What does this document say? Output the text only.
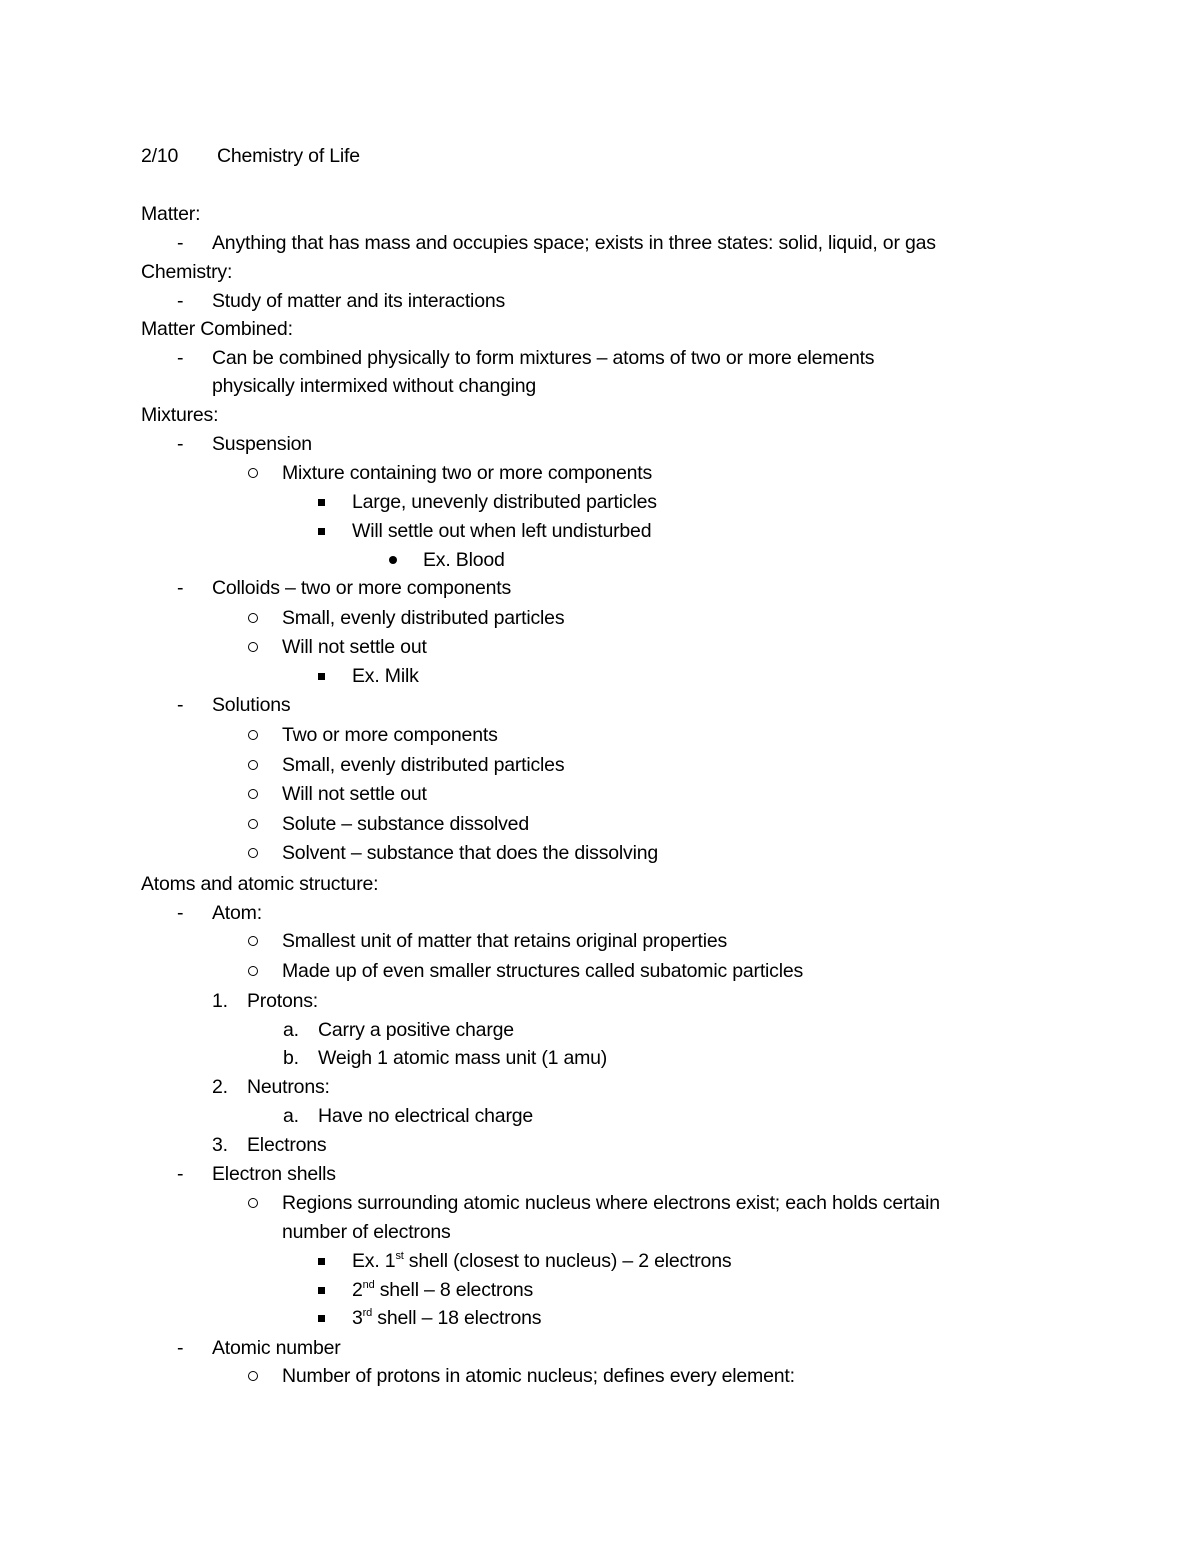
2/10 Chemistry of Life
Matter:
- Anything that has mass and occupies space; exists in three states: solid, liquid, or gas
Chemistry:
- Study of matter and its interactions
Matter Combined:
- Can be combined physically to form mixtures – atoms of two or more elements
physically intermixed without changing
Mixtures:
- Suspension
Mixture containing two or more components
Large, unevenly distributed particles
Will settle out when left undisturbed
Ex. Blood
- Colloids – two or more components
Small, evenly distributed particles
Will not settle out
Ex. Milk
- Solutions
Two or more components
Small, evenly distributed particles
Will not settle out
Solute – substance dissolved
Solvent – substance that does the dissolving
Atoms and atomic structure:
- Atom:
Smallest unit of matter that retains original properties
Made up of even smaller structures called subatomic particles
1. Protons:
a. Carry a positive charge
b. Weigh 1 atomic mass unit (1 amu)
2. Neutrons:
a. Have no electrical charge
3. Electrons
- Electron shells
Regions surrounding atomic nucleus where electrons exist; each holds certain
number of electrons
Ex. 1st shell (closest to nucleus) – 2 electrons
2nd shell – 8 electrons
3rd shell – 18 electrons
- Atomic number
Number of protons in atomic nucleus; defines every element:
